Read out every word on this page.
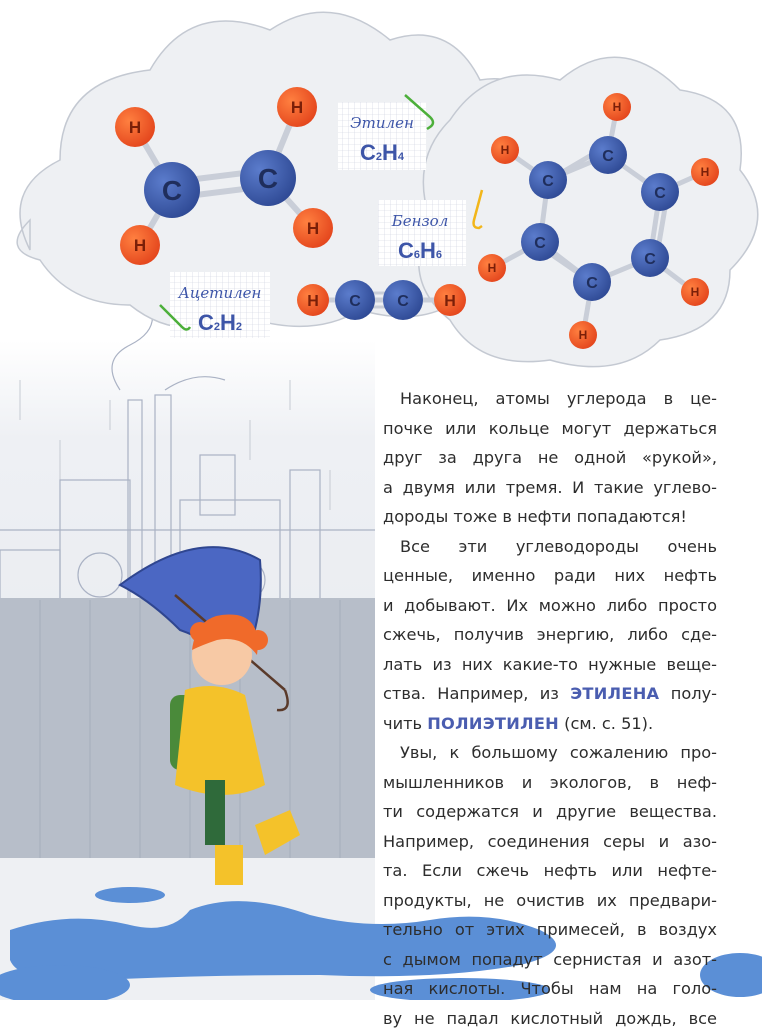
C	C
H
H
H
H
C
C
C
C
C
C
H
H
H
H
H
H
H C C H
Этилен
C2H4
Бензол
C6H6
Ацетилен
C2H2
Наконец, атомы углерода в це-
почке или кольце могут держаться
друг за друга не одной «рукой»,
а двумя или тремя. И такие углево-
дороды тоже в нефти попадаются!
Все эти углеводороды очень
ценные, именно ради них нефть
и добывают. Их можно либо просто
сжечь, получив энергию, либо сде-
лать из них какие-то нужные веще-
ства. Например, из ЭТИЛЕНА полу-
чить ПОЛИЭТИЛЕН (см. с. 51).
Увы, к большому сожалению про-
мышленников и экологов, в неф-
ти содержатся и другие вещества.
Например, соединения серы и азо-
та. Если сжечь нефть или нефте-
продукты, не очистив их предвари-
тельно от этих примесей, в воздух
с дымом попадут сернистая и азот-
ная кислоты. Чтобы нам на голо-
ву не падал кислотный дождь, все
